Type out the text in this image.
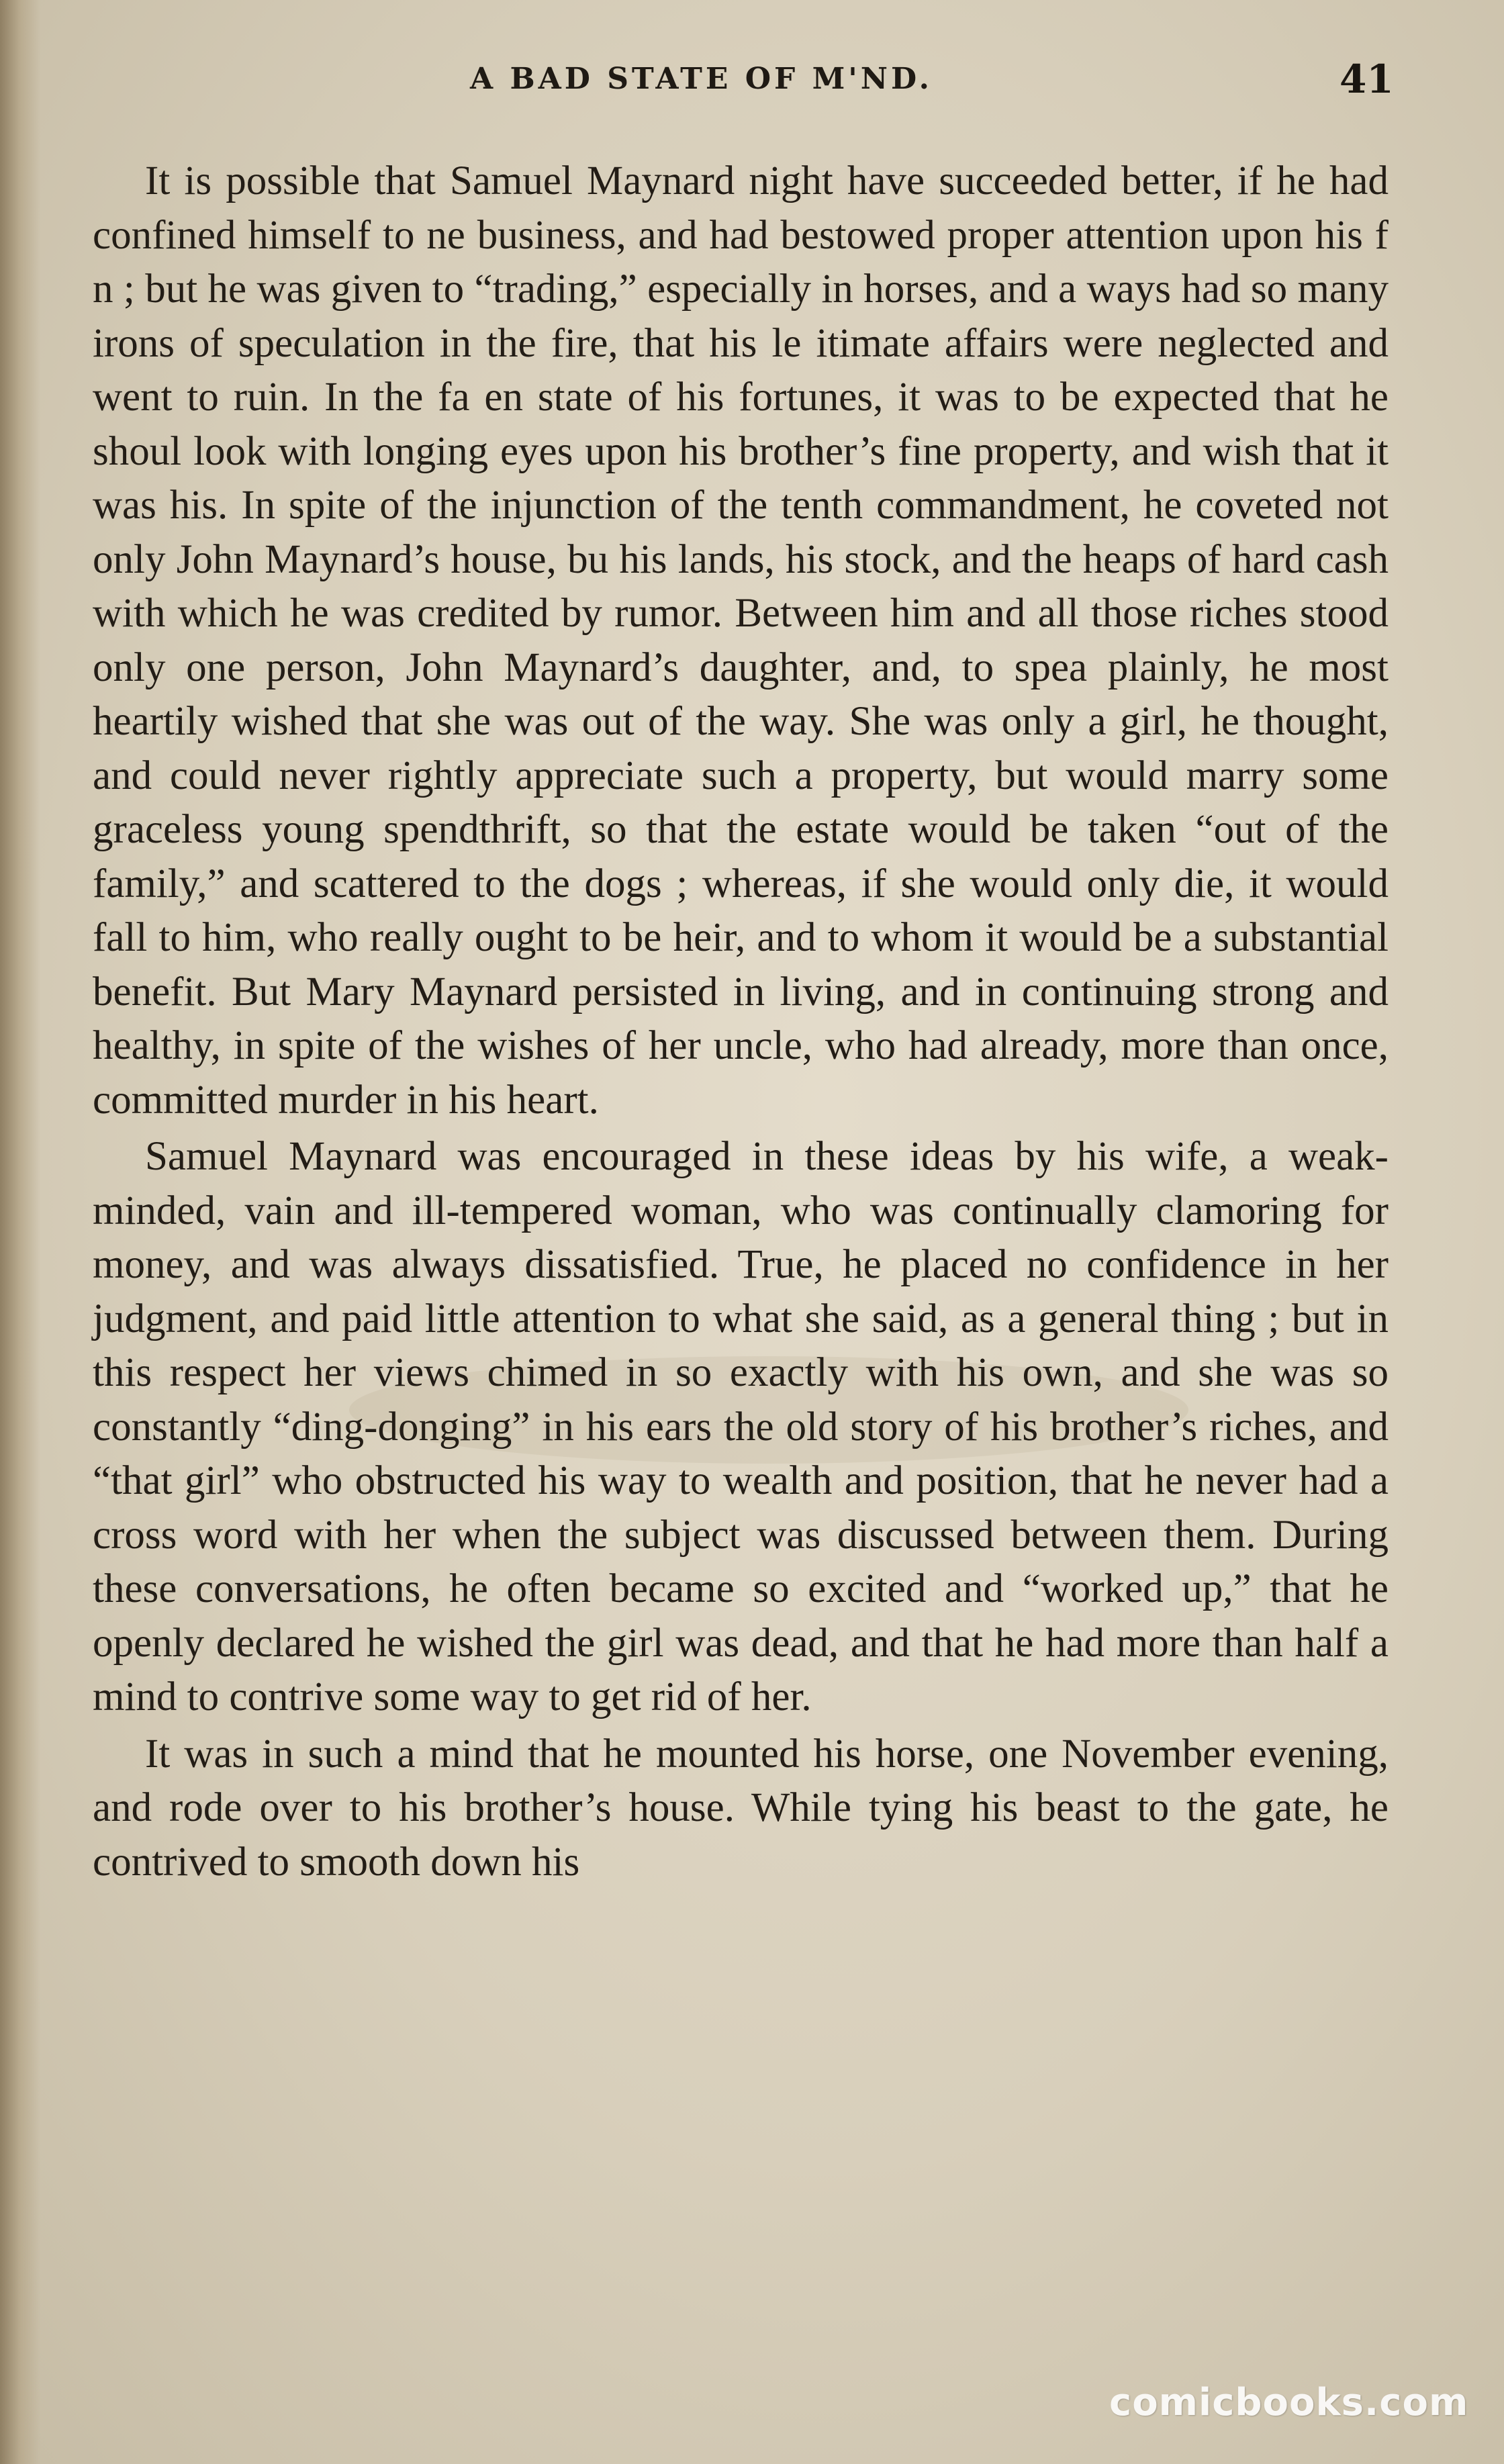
A BAD STATE OF M'ND.	41

It is possible that Samuel Maynard night have succeeded better, if he had confined himself to ne business, and had bestowed proper attention upon his f n ; but he was given to “trading,” especially in horses, and a ways had so many irons of speculation in the fire, that his le itimate affairs were neglected and went to ruin. In the fa en state of his fortunes, it was to be expected that he shoul look with longing eyes upon his brother’s fine property, and wish that it was his. In spite of the injunction of the tenth commandment, he coveted not only John Maynard’s house, bu his lands, his stock, and the heaps of hard cash with which he was credited by rumor. Between him and all those riches stood only one person, John Maynard’s daughter, and, to spea plainly, he most heartily wished that she was out of the way. She was only a girl, he thought, and could never rightly appreciate such a property, but would marry some graceless young spendthrift, so that the estate would be taken “out of the family,” and scattered to the dogs ; whereas, if she would only die, it would fall to him, who really ought to be heir, and to whom it would be a substantial benefit. But Mary Maynard persisted in living, and in continuing strong and healthy, in spite of the wishes of her uncle, who had already, more than once, committed murder in his heart.

Samuel Maynard was encouraged in these ideas by his wife, a weak-minded, vain and ill-tempered woman, who was continually clamoring for money, and was always dissatisfied. True, he placed no confidence in her judgment, and paid little attention to what she said, as a general thing ; but in this respect her views chimed in so exactly with his own, and she was so constantly “ding-donging” in his ears the old story of his brother’s riches, and “that girl” who obstructed his way to wealth and position, that he never had a cross word with her when the subject was discussed between them. During these conversations, he often became so excited and “worked up,” that he openly declared he wished the girl was dead, and that he had more than half a mind to contrive some way to get rid of her.

It was in such a mind that he mounted his horse, one November evening, and rode over to his brother’s house. While tying his beast to the gate, he contrived to smooth down his

comicbooks.com
